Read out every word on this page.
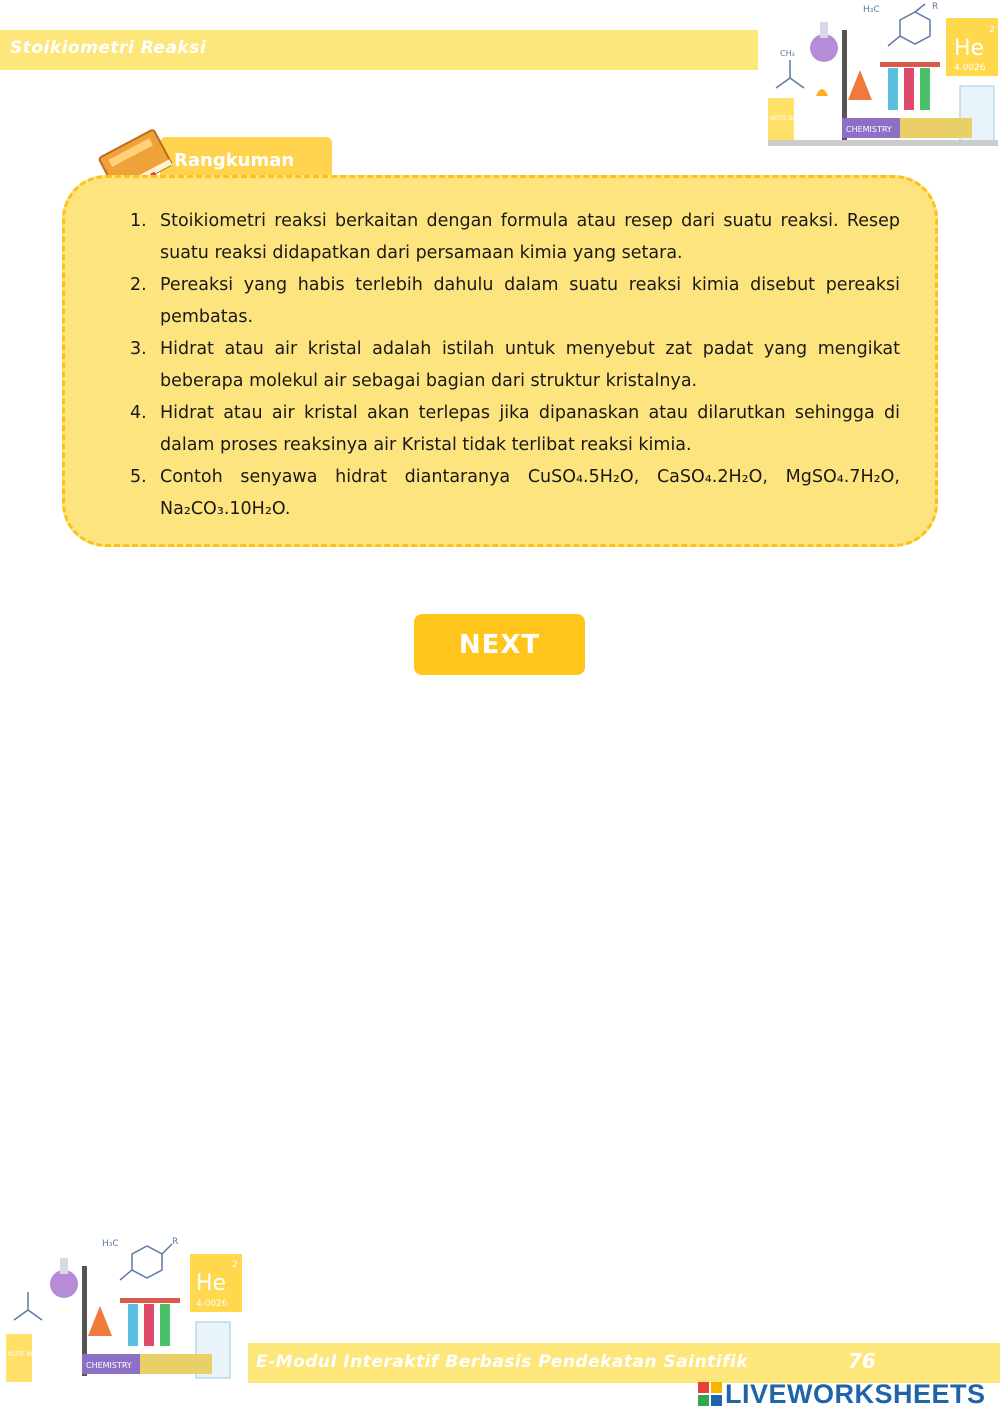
Stoikiometri Reaksi
H₃C	R
CH₃	He
2
4.0026
NOTE BOOK
CHEMISTRY
Rangkuman
1. Stoikiometri reaksi berkaitan dengan formula atau resep dari suatu reaksi. Resep suatu reaksi didapatkan dari persamaan kimia yang setara.
2. Pereaksi yang habis terlebih dahulu dalam suatu reaksi kimia disebut pereaksi pembatas.
3. Hidrat atau air kristal adalah istilah untuk menyebut zat padat yang mengikat beberapa molekul air sebagai bagian dari struktur kristalnya.
4. Hidrat atau air kristal akan terlepas jika dipanaskan atau dilarutkan sehingga di dalam proses reaksinya air Kristal tidak terlibat reaksi kimia.
5. Contoh senyawa hidrat diantaranya CuSO₄.5H₂O, CaSO₄.2H₂O, MgSO₄.7H₂O, Na₂CO₃.10H₂O.
NEXT
H₃C	R
He
2
4.0026
NOTE BOOK
CHEMISTRY	E-Modul Interaktif Berbasis Pendekatan Saintifik	76
LIVEWORKSHEETS
